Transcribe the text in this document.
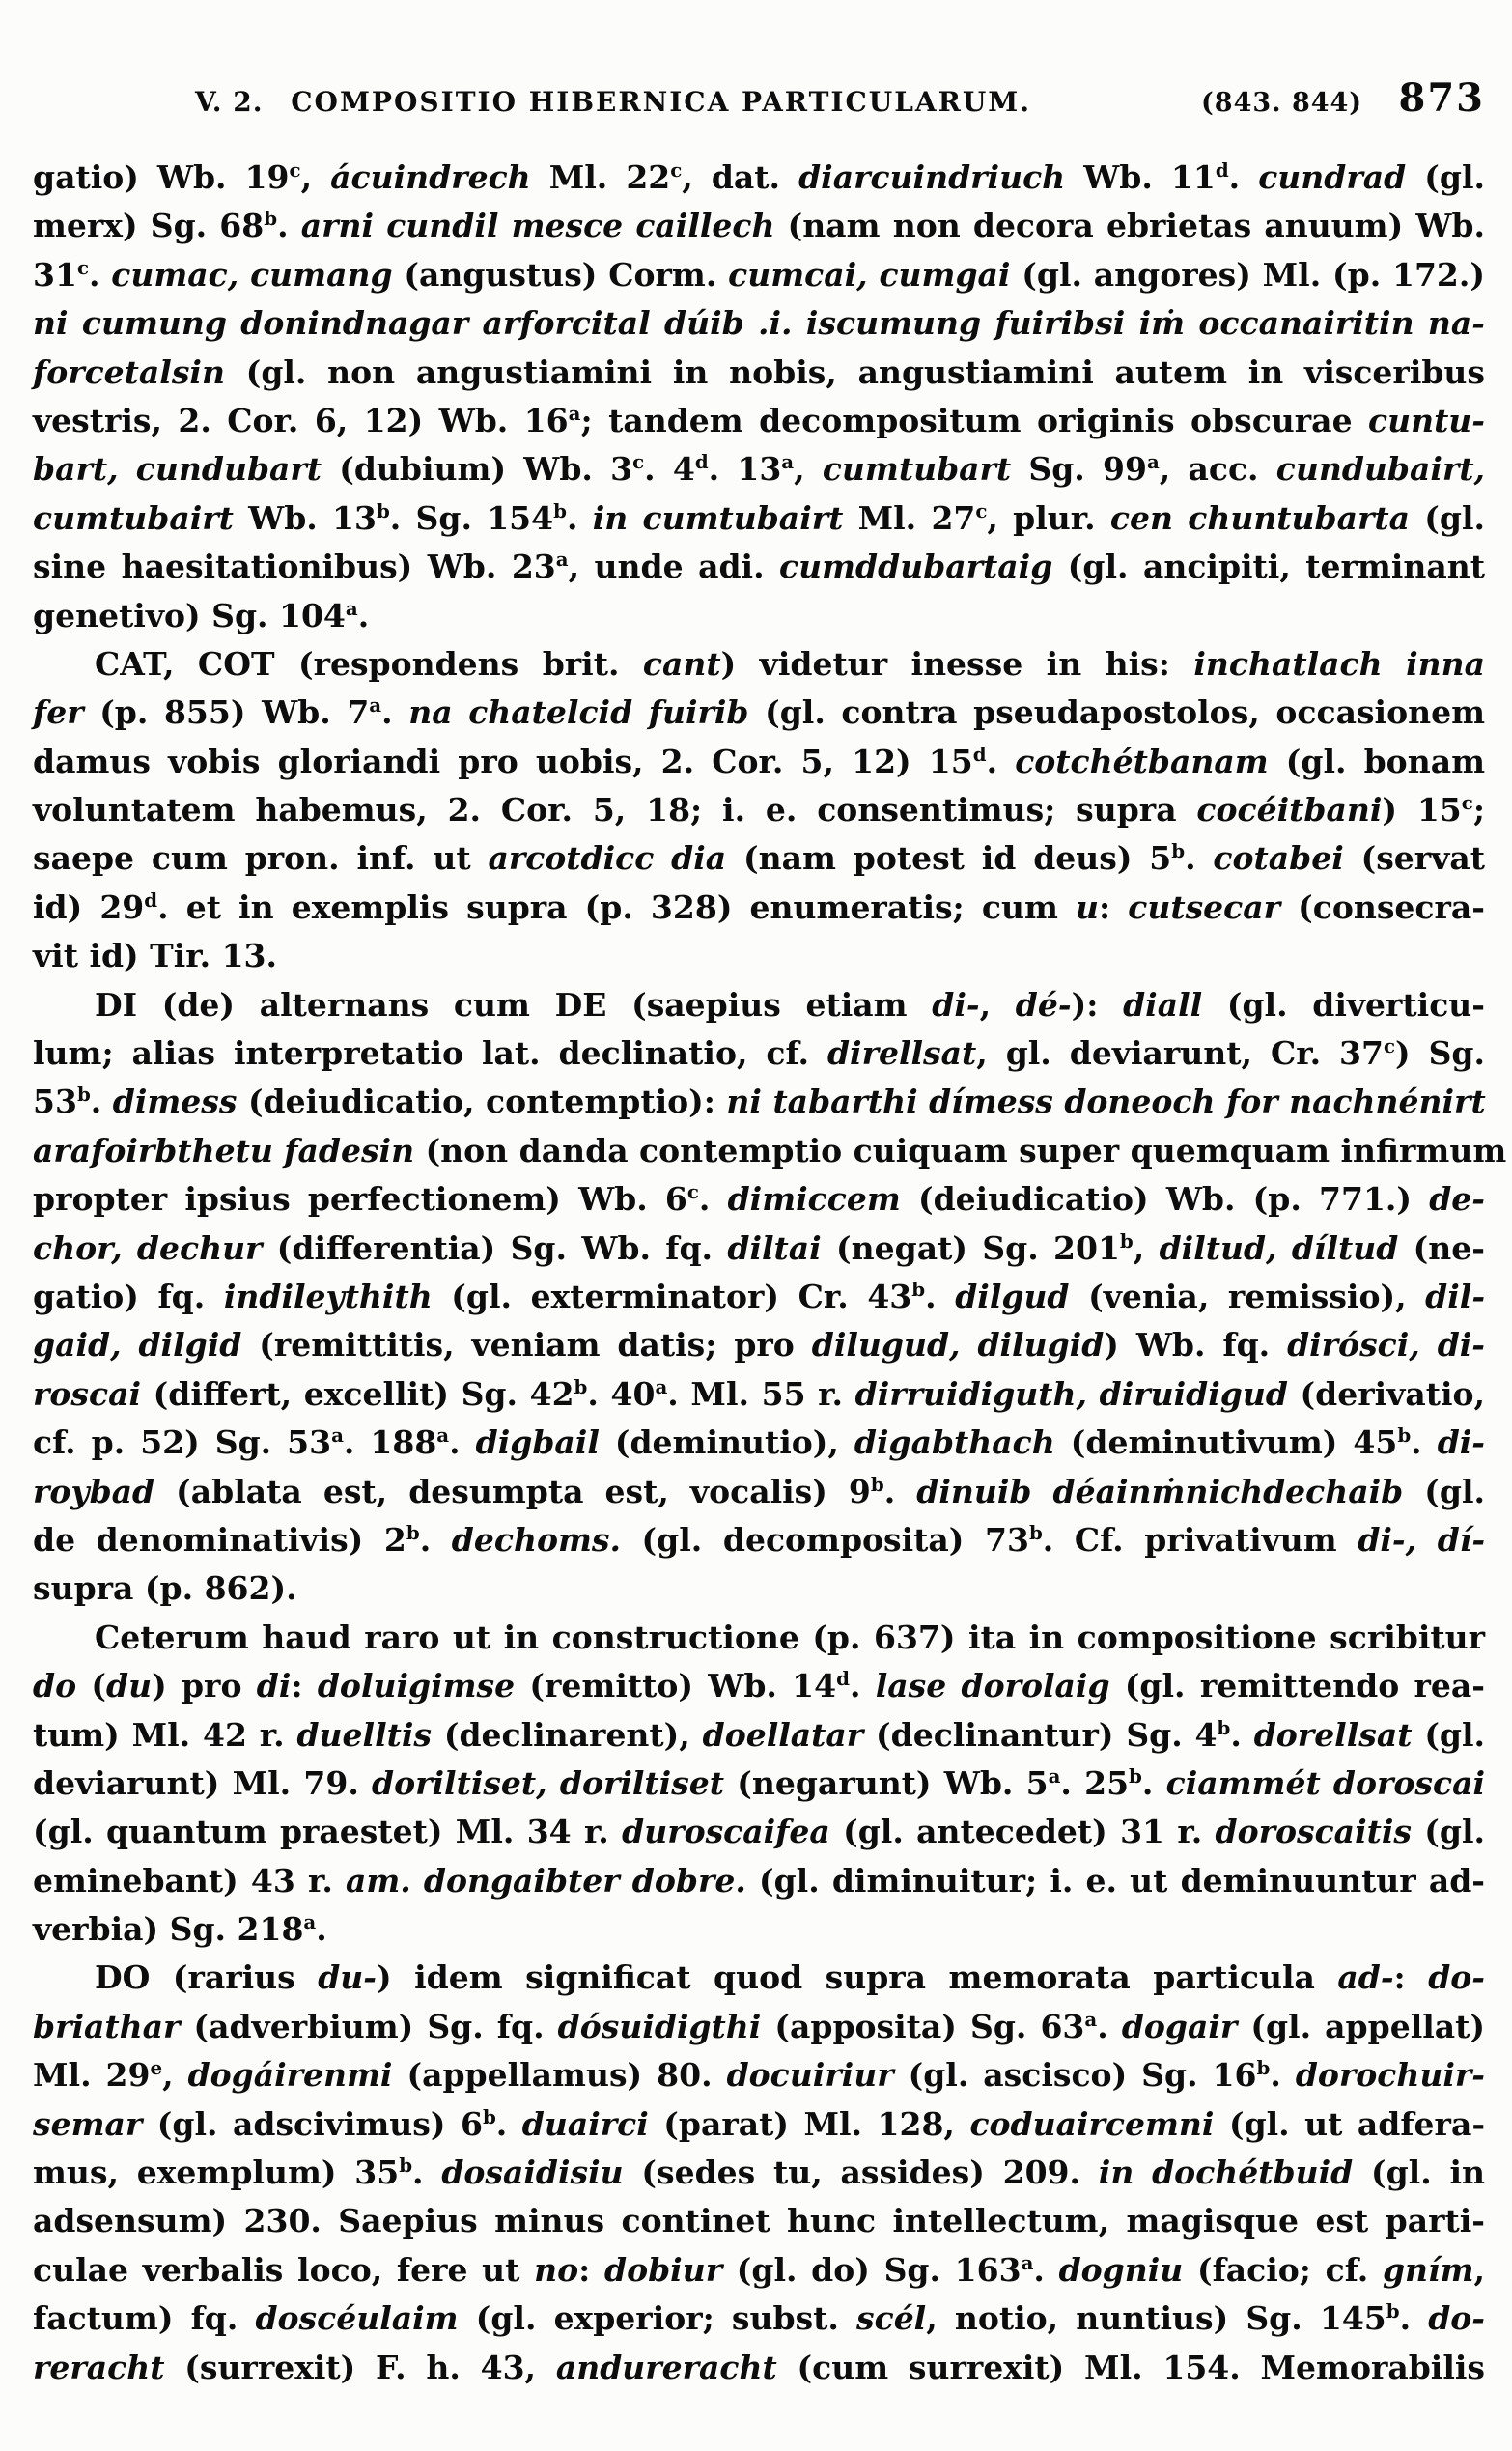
V. 2. COMPOSITIO HIBERNICA PARTICULARUM.	(843. 844) 873
gatio) Wb. 19$^c$, ácuindrech Ml. 22$^c$, dat. diarcuindriuch Wb. 11$^d$. cundrad (gl.
merx) Sg. 68$^b$. arni cundil mesce caillech (nam non decora ebrietas anuum) Wb.
31$^c$. cumac, cumang (angustus) Corm. cumcai, cumgai (gl. angores) Ml. (p. 172.)
ni cumung donindnagar arforcital dúib .i. iscumung fuiribsi iṁ occanairitin na-
forcetalsin (gl. non angustiamini in nobis, angustiamini autem in visceribus
vestris, 2. Cor. 6, 12) Wb. 16$^a$; tandem decompositum originis obscurae cuntu-
bart, cundubart (dubium) Wb. 3$^c$. 4$^d$. 13$^a$, cumtubart Sg. 99$^a$, acc. cundubairt,
cumtubairt Wb. 13$^b$. Sg. 154$^b$. in cumtubairt Ml. 27$^c$, plur. cen chuntubarta (gl.
sine haesitationibus) Wb. 23$^a$, unde adi. cumddubartaig (gl. ancipiti, terminant
genetivo) Sg. 104$^a$.
CAT, COT (respondens brit. cant) videtur inesse in his: inchatlach inna
fer (p. 855) Wb. 7$^a$. na chatelcid fuirib (gl. contra pseudapostolos, occasionem
damus vobis gloriandi pro uobis, 2. Cor. 5, 12) 15$^d$. cotchétbanam (gl. bonam
voluntatem habemus, 2. Cor. 5, 18; i. e. consentimus; supra cocéitbani) 15$^c$;
saepe cum pron. inf. ut arcotdicc dia (nam potest id deus) 5$^b$. cotabei (servat
id) 29$^d$. et in exemplis supra (p. 328) enumeratis; cum u: cutsecar (consecra-
vit id) Tir. 13.
DI (de) alternans cum DE (saepius etiam di-, dé-): diall (gl. diverticu-
lum; alias interpretatio lat. declinatio, cf. direllsat, gl. deviarunt, Cr. 37$^c$) Sg.
53$^b$. dimess (deiudicatio, contemptio): ni tabarthi dímess doneoch for nachnénirt
arafoirbthetu fadesin (non danda contemptio cuiquam super quemquam infirmum
propter ipsius perfectionem) Wb. 6$^c$. dimiccem (deiudicatio) Wb. (p. 771.) de-
chor, dechur (differentia) Sg. Wb. fq. diltai (negat) Sg. 201$^b$, diltud, díltud (ne-
gatio) fq. indileythith (gl. exterminator) Cr. 43$^b$. dilgud (venia, remissio), dil-
gaid, dilgid (remittitis, veniam datis; pro dilugud, dilugid) Wb. fq. dirósci, di-
roscai (differt, excellit) Sg. 42$^b$. 40$^a$. Ml. 55 r. dirruidiguth, diruidigud (derivatio,
cf. p. 52) Sg. 53$^a$. 188$^a$. digbail (deminutio), digabthach (deminutivum) 45$^b$. di-
roybad (ablata est, desumpta est, vocalis) 9$^b$. dinuib déainṁnichdechaib (gl.
de denominativis) 2$^b$. dechoms. (gl. decomposita) 73$^b$. Cf. privativum di-, dí-
supra (p. 862).
Ceterum haud raro ut in constructione (p. 637) ita in compositione scribitur
do (du) pro di: doluigimse (remitto) Wb. 14$^d$. lase dorolaig (gl. remittendo rea-
tum) Ml. 42 r. duelltis (declinarent), doellatar (declinantur) Sg. 4$^b$. dorellsat (gl.
deviarunt) Ml. 79. doriltiset, doriltiset (negarunt) Wb. 5$^a$. 25$^b$. ciammét doroscai
(gl. quantum praestet) Ml. 34 r. duroscaifea (gl. antecedet) 31 r. doroscaitis (gl.
eminebant) 43 r. am. dongaibter dobre. (gl. diminuitur; i. e. ut deminuuntur ad-
verbia) Sg. 218$^a$.
DO (rarius du-) idem significat quod supra memorata particula ad-: do-
briathar (adverbium) Sg. fq. dósuidigthi (apposita) Sg. 63$^a$. dogair (gl. appellat)
Ml. 29e, dogáirenmi (appellamus) 80. docuiriur (gl. ascisco) Sg. 16$^b$. dorochuir-
semar (gl. adscivimus) 6$^b$. duairci (parat) Ml. 128, coduaircemni (gl. ut adfera-
mus, exemplum) 35$^b$. dosaidisiu (sedes tu, assides) 209. in dochétbuid (gl. in
adsensum) 230. Saepius minus continet hunc intellectum, magisque est parti-
culae verbalis loco, fere ut no: dobiur (gl. do) Sg. 163$^a$. dogniu (facio; cf. gním,
factum) fq. doscéulaim (gl. experior; subst. scél, notio, nuntius) Sg. 145$^b$. do-
reracht (surrexit) F. h. 43, andureracht (cum surrexit) Ml. 154. Memorabilis
